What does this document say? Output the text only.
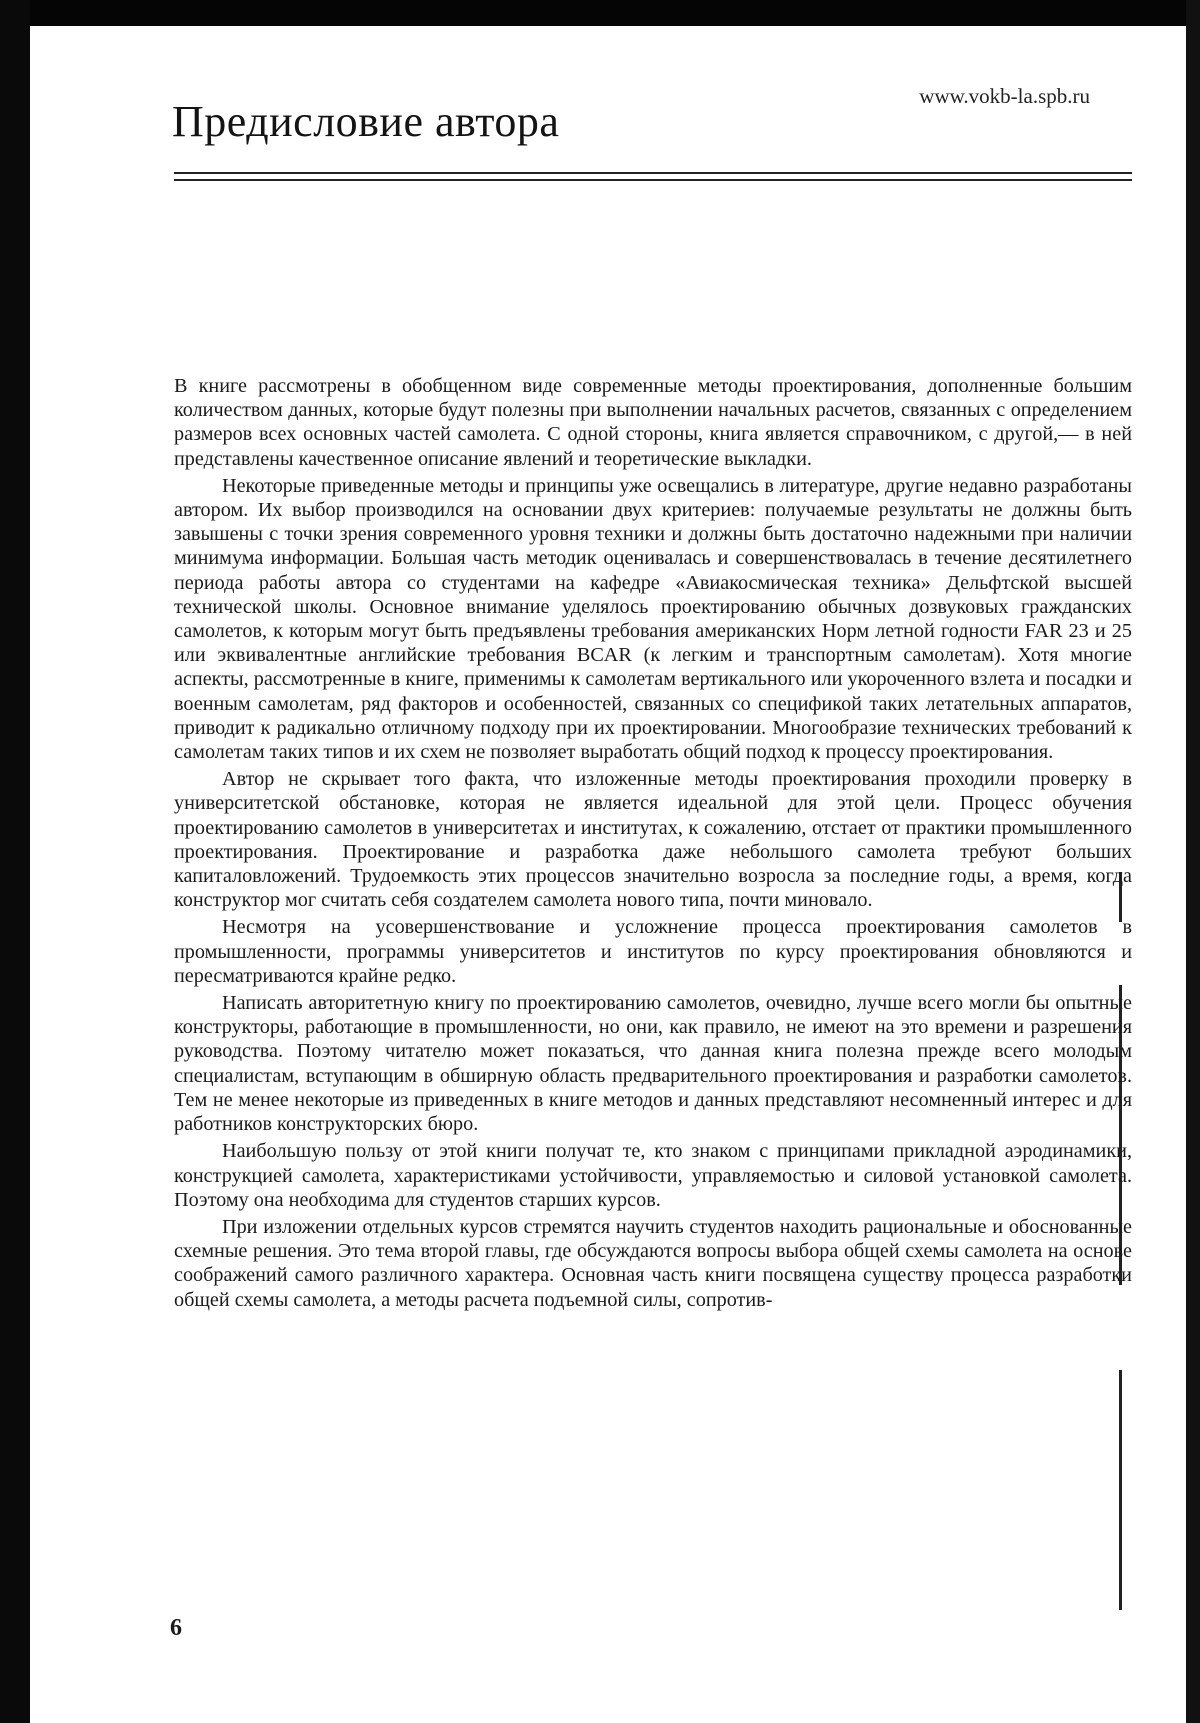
www.vokb-la.spb.ru
Предисловие автора

В книге рассмотрены в обобщенном виде современные методы проектирования, дополненные большим количеством данных, которые будут полезны при выполнении начальных расчетов, связанных с определением размеров всех основных частей самолета. С одной стороны, книга является справочником, с другой,— в ней представлены качественное описание явлений и теоретические выкладки.

Некоторые приведенные методы и принципы уже освещались в литературе, другие недавно разработаны автором. Их выбор производился на основании двух критериев: получаемые результаты не должны быть завышены с точки зрения современного уровня техники и должны быть достаточно надежными при наличии минимума информации. Большая часть методик оценивалась и совершенствовалась в течение десятилетнего периода работы автора со студентами на кафедре «Авиакосмическая техника» Дельфтской высшей технической школы. Основное внимание уделялось проектированию обычных дозвуковых гражданских самолетов, к которым могут быть предъявлены требования американских Норм летной годности FAR 23 и 25 или эквивалентные английские требования BCAR (к легким и транспортным самолетам). Хотя многие аспекты, рассмотренные в книге, применимы к самолетам вертикального или укороченного взлета и посадки и военным самолетам, ряд факторов и особенностей, связанных со спецификой таких летательных аппаратов, приводит к радикально отличному подходу при их проектировании. Многообразие технических требований к самолетам таких типов и их схем не позволяет выработать общий подход к процессу проектирования.

Автор не скрывает того факта, что изложенные методы проектирования проходили проверку в университетской обстановке, которая не является идеальной для этой цели. Процесс обучения проектированию самолетов в университетах и институтах, к сожалению, отстает от практики промышленного проектирования. Проектирование и разработка даже небольшого самолета требуют больших капиталовложений. Трудоемкость этих процессов значительно возросла за последние годы, а время, когда конструктор мог считать себя создателем самолета нового типа, почти миновало.

Несмотря на усовершенствование и усложнение процесса проектирования самолетов в промышленности, программы университетов и институтов по курсу проектирования обновляются и пересматриваются крайне редко.

Написать авторитетную книгу по проектированию самолетов, очевидно, лучше всего могли бы опытные конструкторы, работающие в промышленности, но они, как правило, не имеют на это времени и разрешения руководства. Поэтому читателю может показаться, что данная книга полезна прежде всего молодым специалистам, вступающим в обширную область предварительного проектирования и разработки самолетов. Тем не менее некоторые из приведенных в книге методов и данных представляют несомненный интерес и для работников конструкторских бюро.

Наибольшую пользу от этой книги получат те, кто знаком с принципами прикладной аэродинамики, конструкцией самолета, характеристиками устойчивости, управляемостью и силовой установкой самолета. Поэтому она необходима для студентов старших курсов.

При изложении отдельных курсов стремятся научить студентов находить рациональные и обоснованные схемные решения. Это тема второй главы, где обсуждаются вопросы выбора общей схемы самолета на основе соображений самого различного характера. Основная часть книги посвящена существу процесса разработки общей схемы самолета, а методы расчета подъемной силы, сопротив-

6
